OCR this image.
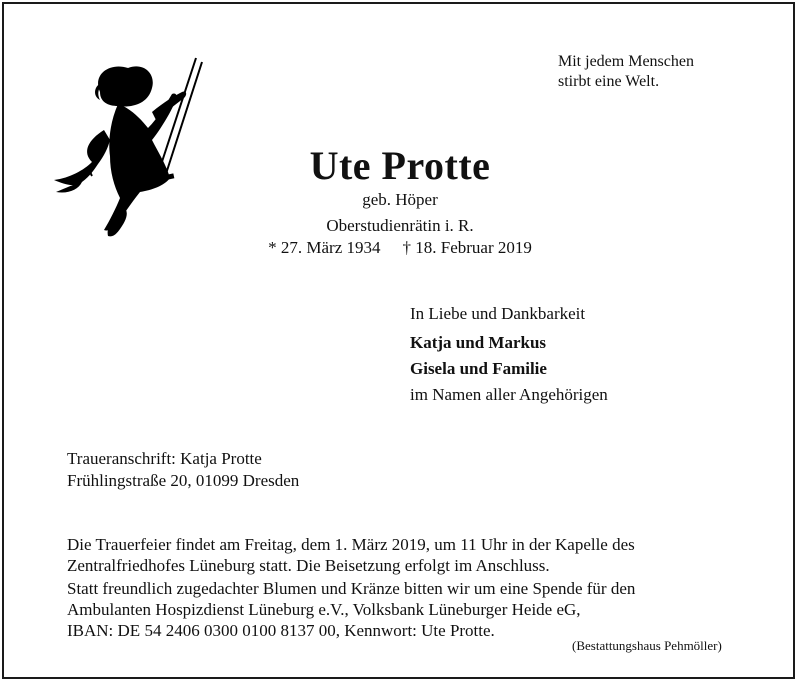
Mit jedem Menschen
stirbt eine Welt.
Ute Protte
geb. Höper
Oberstudienrätin i. R.
* 27. März 1934 † 18. Februar 2019
In Liebe und Dankbarkeit
Katja und Markus
Gisela und Familie
im Namen aller Angehörigen
Traueranschrift: Katja Protte
Frühlingstraße 20, 01099 Dresden
Die Trauerfeier findet am Freitag, dem 1. März 2019, um 11 Uhr in der Kapelle des
Zentralfriedhofes Lüneburg statt. Die Beisetzung erfolgt im Anschluss.
Statt freundlich zugedachter Blumen und Kränze bitten wir um eine Spende für den
Ambulanten Hospizdienst Lüneburg e.V., Volksbank Lüneburger Heide eG,
IBAN: DE 54 2406 0300 0100 8137 00, Kennwort: Ute Protte.
(Bestattungshaus Pehmöller)
